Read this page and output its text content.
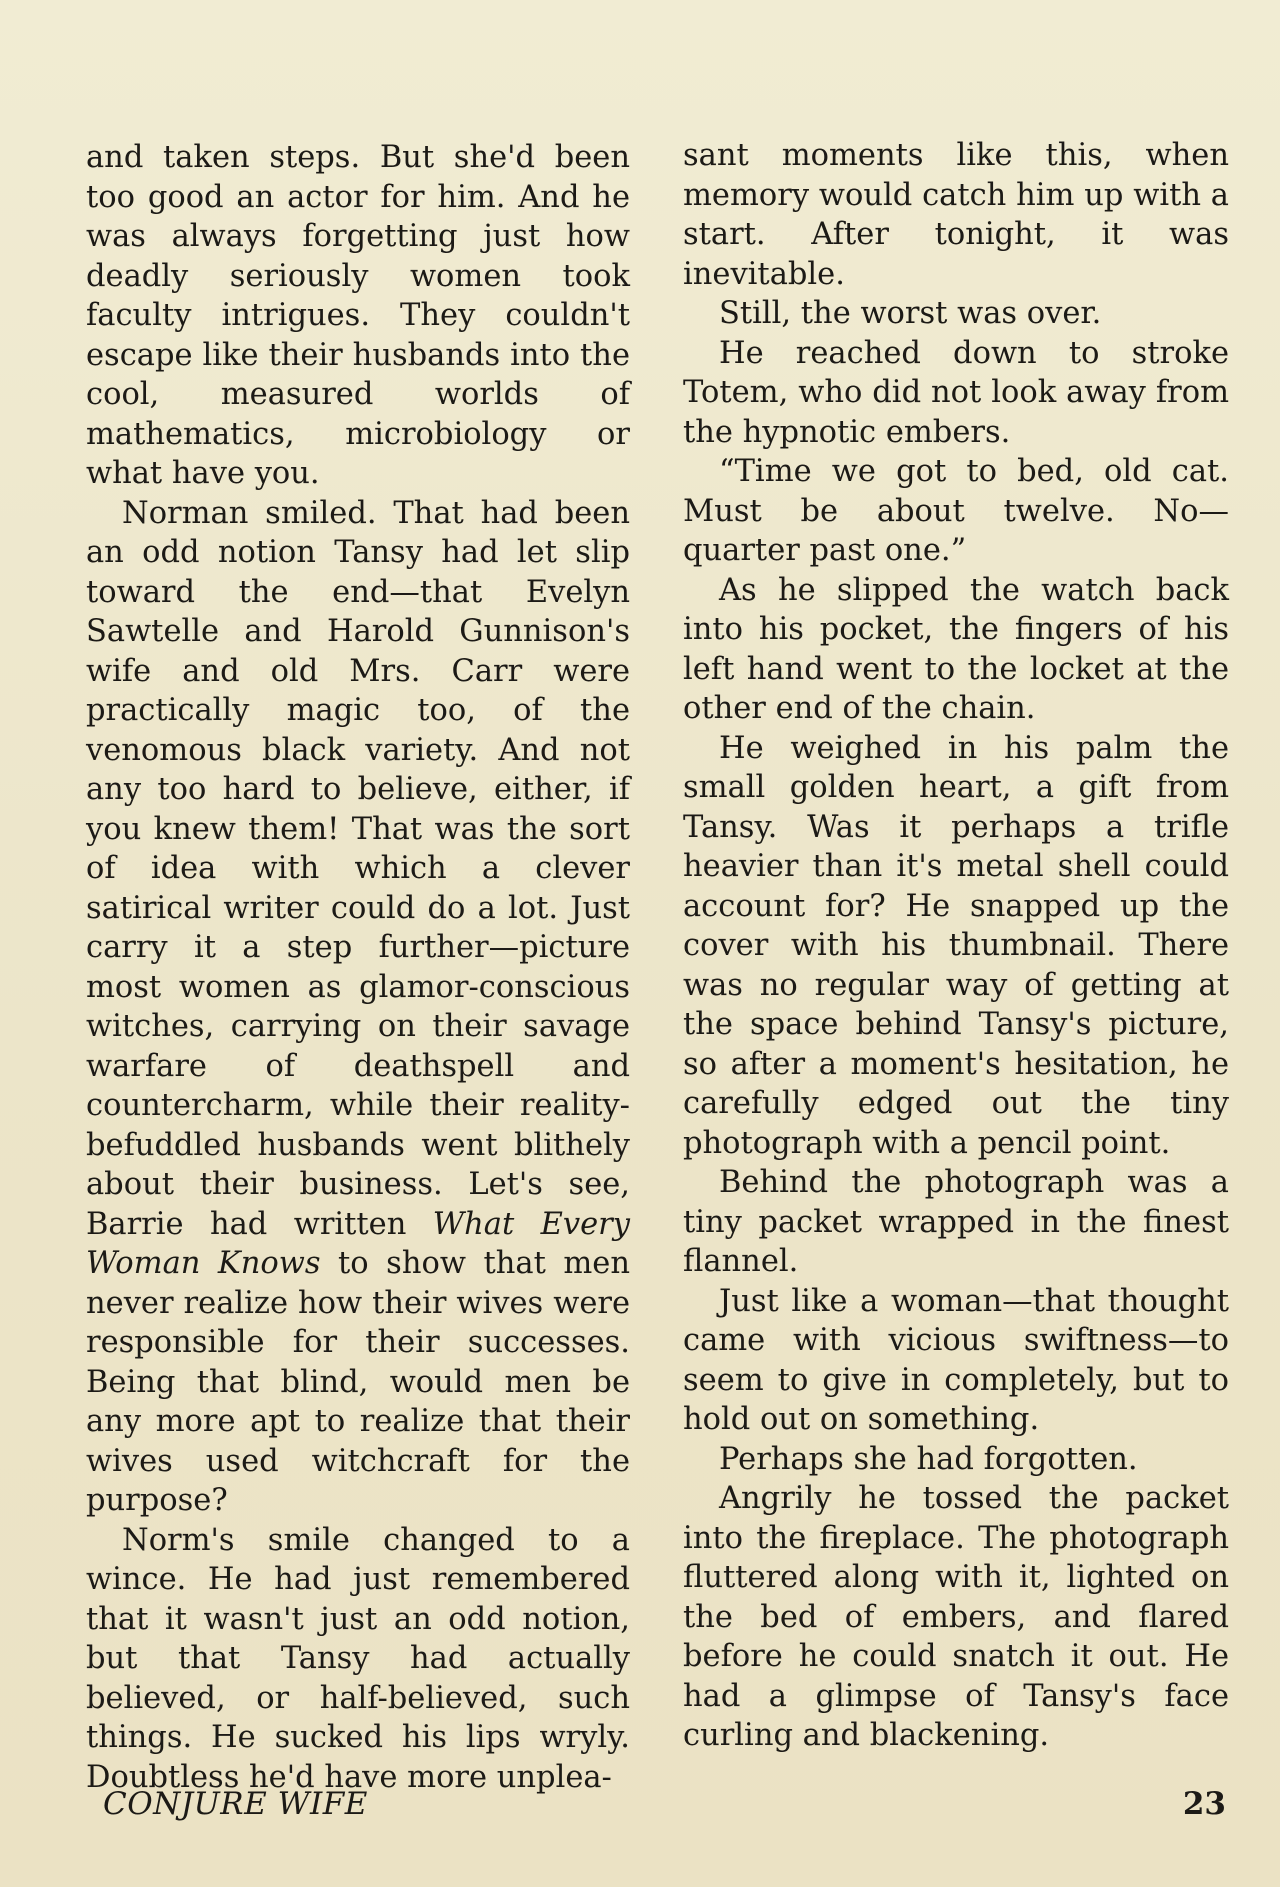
and taken steps. But she'd been too good an actor for him. And he was always forgetting just how deadly seriously women took faculty intrigues. They couldn't escape like their husbands into the cool, measured worlds of mathematics, microbiology or what have you.

Norman smiled. That had been an odd notion Tansy had let slip toward the end—that Evelyn Sawtelle and Harold Gunnison's wife and old Mrs. Carr were practically magic too, of the venomous black variety. And not any too hard to believe, either, if you knew them! That was the sort of idea with which a clever satirical writer could do a lot. Just carry it a step further—picture most women as glamor-conscious witches, carrying on their savage warfare of deathspell and countercharm, while their reality-befuddled husbands went blithely about their business. Let's see, Barrie had written What Every Woman Knows to show that men never realize how their wives were responsible for their successes. Being that blind, would men be any more apt to realize that their wives used witchcraft for the purpose?

Norm's smile changed to a wince. He had just remembered that it wasn't just an odd notion, but that Tansy had actually believed, or half-believed, such things. He sucked his lips wryly. Doubtless he'd have more unplea-

sant moments like this, when memory would catch him up with a start. After tonight, it was inevitable.

Still, the worst was over.

He reached down to stroke Totem, who did not look away from the hypnotic embers.

“Time we got to bed, old cat. Must be about twelve. No—quarter past one.”

As he slipped the watch back into his pocket, the fingers of his left hand went to the locket at the other end of the chain.

He weighed in his palm the small golden heart, a gift from Tansy. Was it perhaps a trifle heavier than it's metal shell could account for? He snapped up the cover with his thumbnail. There was no regular way of getting at the space behind Tansy's picture, so after a moment's hesitation, he carefully edged out the tiny photograph with a pencil point.

Behind the photograph was a tiny packet wrapped in the finest flannel.

Just like a woman—that thought came with vicious swiftness—to seem to give in completely, but to hold out on something.

Perhaps she had forgotten.

Angrily he tossed the packet into the fireplace. The photograph fluttered along with it, lighted on the bed of embers, and flared before he could snatch it out. He had a glimpse of Tansy's face curling and blackening.

CONJURE WIFE	23
